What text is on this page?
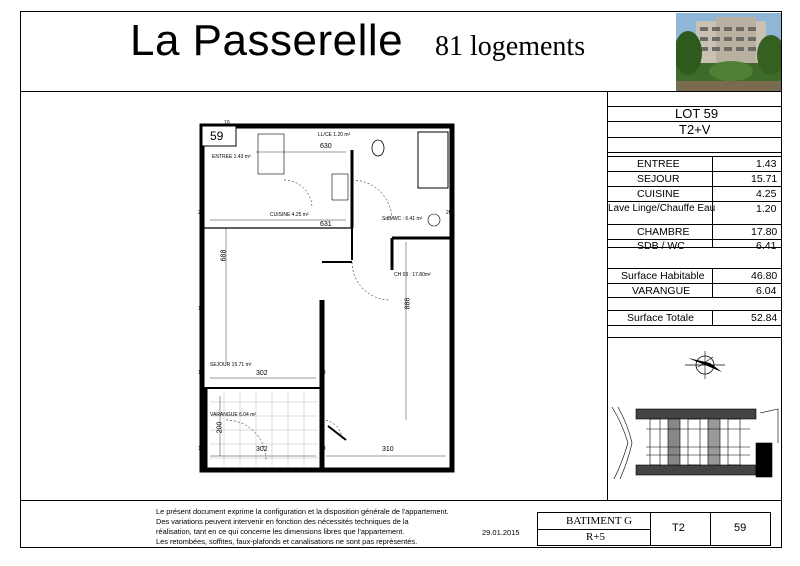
La Passerelle 81 logements
LOT 59
T2+V
ENTREE	1.43
SEJOUR	15.71
CUISINE	4.25
Lave Linge/Chauffe Eau	1.20
CHAMBRE	17.80
SDB / WC	6.41
Surface Habitable	46.80
VARANGUE	6.04
Surface Totale	52.84
59	LL/CE 1.20 m²
ENTREE 1.43 m²
CUISINE 4.25 m²
SdB/WC : 6.41 m²
CH 03 : 17.80m²
SEJOUR 15.71 m²
VARANGUE 6.04 m²
630
631
688
886
302
302	310
200
10
18
18
18
18
15
20	20
80
Le présent document exprime la configuration et la disposition générale de l'appartement.
Des variations peuvent intervenir en fonction des nécessités techniques de la
réalisation, tant en ce qui concerne les dimensions libres que l'appartement.
Les retombées, soffites, faux-plafonds et canalisations ne sont pas représentés.
29.01.2015
BATIMENT G
R+5
T2	59
